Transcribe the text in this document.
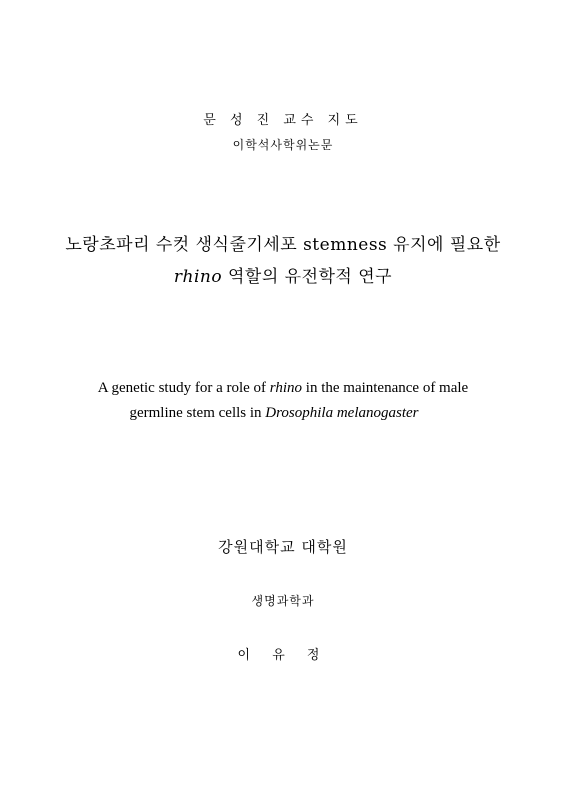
문 성 진 교수 지도
이학석사학위논문
노랑초파리 수컷 생식줄기세포 stemness 유지에 필요한
rhino 역할의 유전학적 연구
A genetic study for a role of rhino in the maintenance of male
germline stem cells in Drosophila melanogaster
강원대학교 대학원
생명과학과
이 유 정
